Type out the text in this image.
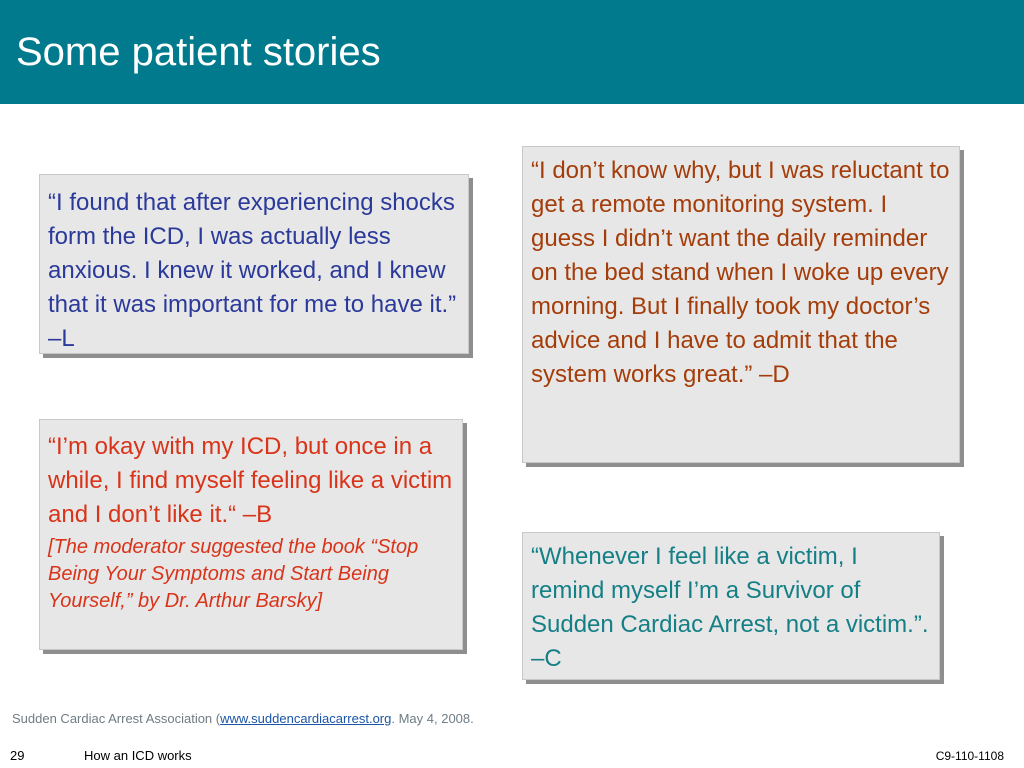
Some patient stories
“I found that after experiencing shocks form the ICD, I was actually less anxious. I knew it worked, and I knew that it was important for me to have it.” –L
“I don’t know why, but I was reluctant to get a remote monitoring system. I guess I didn’t want the daily reminder on the bed stand when I woke up every morning. But I finally took my doctor’s advice and I have to admit that the system works great.” –D
“I’m okay with my ICD, but once in a while, I find myself feeling like a victim and I don’t like it.“ –B
[The moderator suggested the book “Stop Being Your Symptoms and Start Being Yourself,” by Dr. Arthur Barsky]
“Whenever I feel like a victim, I remind myself I’m a Survivor of Sudden Cardiac Arrest, not a victim.”. –C
Sudden Cardiac Arrest Association (www.suddencardiacarrest.org. May 4, 2008.
29	How an ICD works	C9-110-1108
